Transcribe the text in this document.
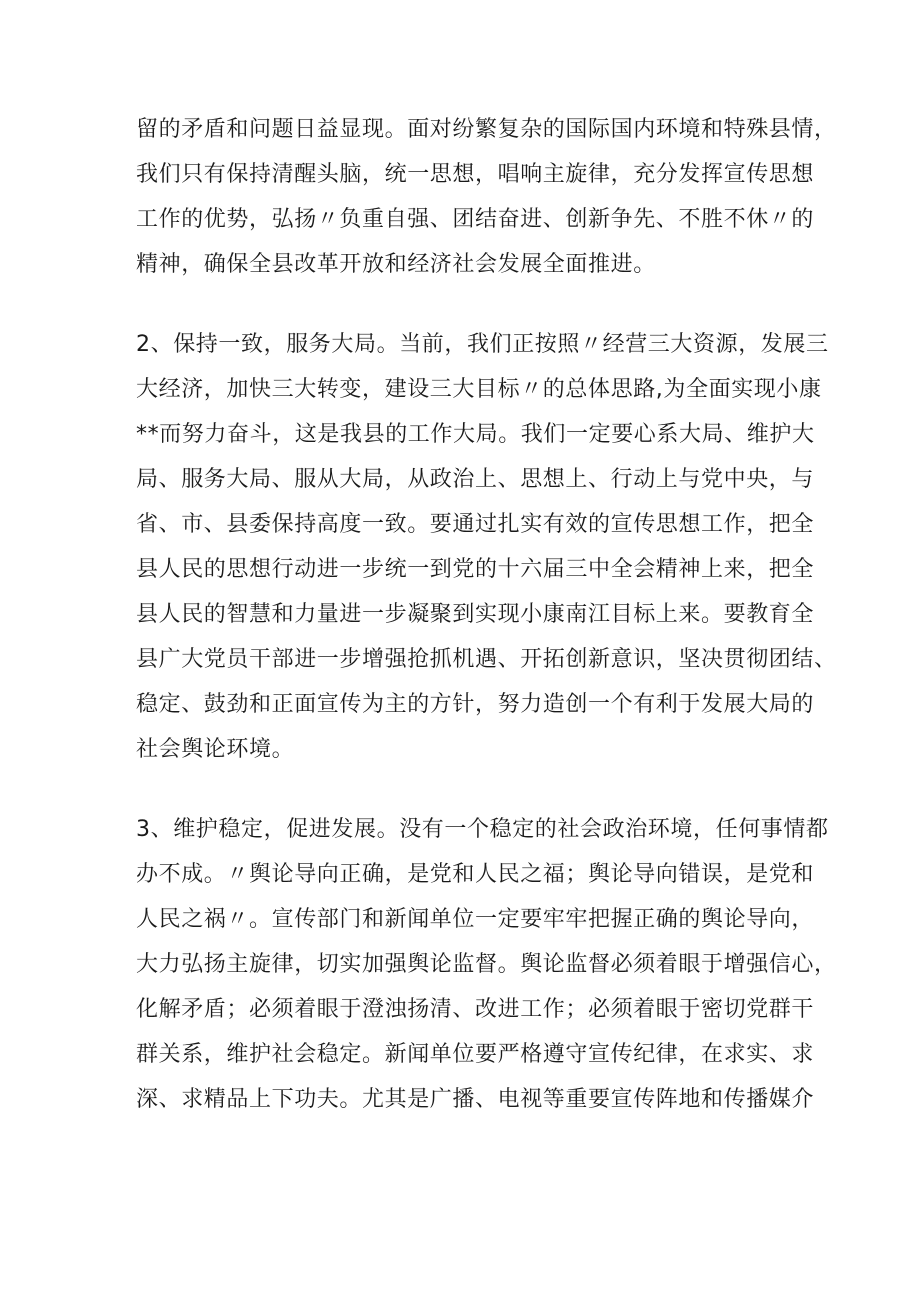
留的矛盾和问题日益显现。面对纷繁复杂的国际国内环境和特殊县情，
我们只有保持清醒头脑，统一思想，唱响主旋律，充分发挥宣传思想
工作的优势，弘扬〃负重自强、团结奋进、创新争先、不胜不休〃的
精神，确保全县改革开放和经济社会发展全面推进。
2、保持一致，服务大局。当前，我们正按照〃经营三大资源，发展三
大经济，加快三大转变，建设三大目标〃的总体思路,为全面实现小康
**而努力奋斗，这是我县的工作大局。我们一定要心系大局、维护大
局、服务大局、服从大局，从政治上、思想上、行动上与党中央，与
省、市、县委保持高度一致。要通过扎实有效的宣传思想工作，把全
县人民的思想行动进一步统一到党的十六届三中全会精神上来，把全
县人民的智慧和力量进一步凝聚到实现小康南江目标上来。要教育全
县广大党员干部进一步增强抢抓机遇、开拓创新意识，坚决贯彻团结、
稳定、鼓劲和正面宣传为主的方针，努力造创一个有利于发展大局的
社会舆论环境。
3、维护稳定，促进发展。没有一个稳定的社会政治环境，任何事情都
办不成。〃舆论导向正确，是党和人民之福；舆论导向错误，是党和
人民之祸〃。宣传部门和新闻单位一定要牢牢把握正确的舆论导向，
大力弘扬主旋律，切实加强舆论监督。舆论监督必须着眼于增强信心，
化解矛盾；必须着眼于澄浊扬清、改进工作；必须着眼于密切党群干
群关系，维护社会稳定。新闻单位要严格遵守宣传纪律，在求实、求
深、求精品上下功夫。尤其是广播、电视等重要宣传阵地和传播媒介
